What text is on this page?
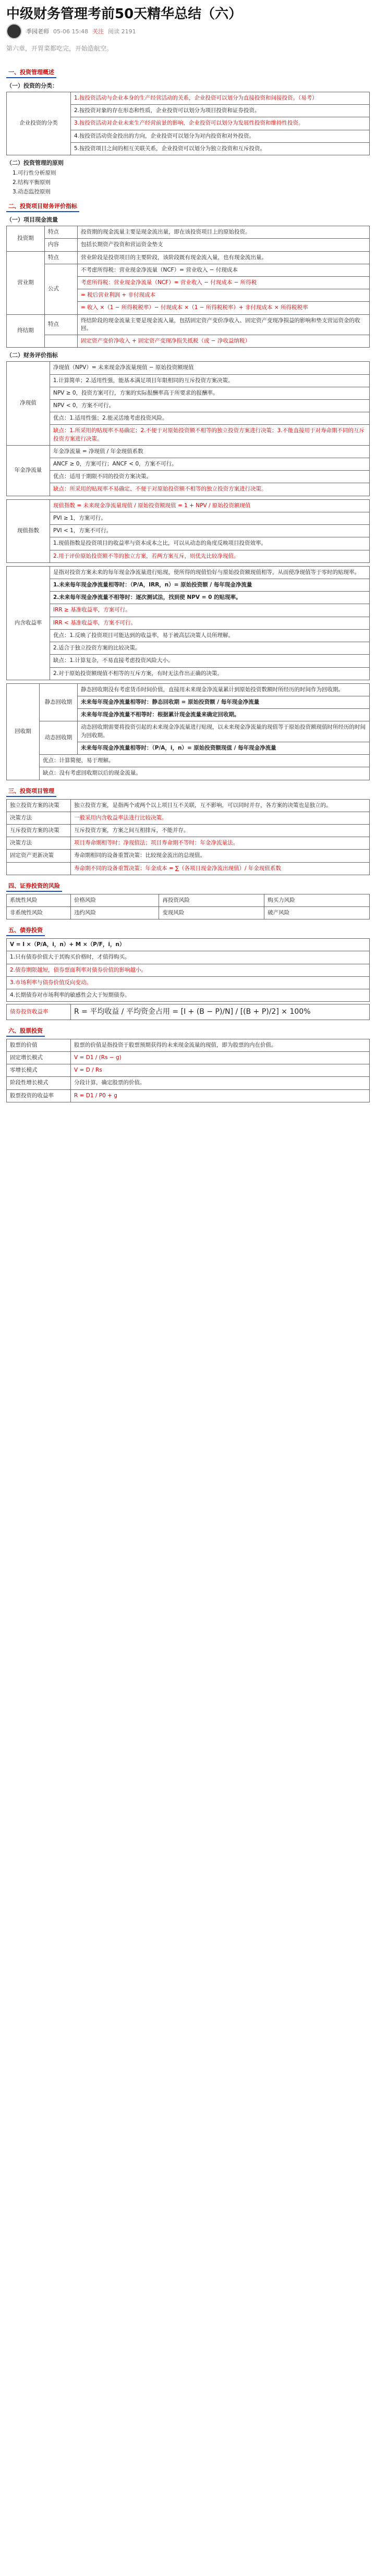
中级财务管理考前50天精华总结（六）
季园老师 05-06 15:48 关注 阅读 2191
第六章，开胃菜都吃完，开始造航空。
一、投资管理概述
（一）投资的分类：
企业投资的分类	1.按投资活动与企业本身的生产经营活动的关系，企业投资可以划分为直接投资和间接投资。（易考）
2.按投资对象的存在形态和性质，企业投资可以划分为项目投资和证券投资。
3.按投资活动对企业未来生产经营前景的影响，企业投资可以划分为发展性投资和维持性投资。
4.按投资活动资金投出的方向，企业投资可以划分为对内投资和对外投资。
5.按投资项目之间的相互关联关系，企业投资可以划分为独立投资和互斥投资。
（二）投资管理的原则
1.可行性分析原则
2.结构平衡原则
3.动态监控原则
二、投资项目财务评价指标
（一）项目现金流量
投资期	特点	投资期的现金流量主要是现金流出量，即在该投资项目上的原始投资。
	内容	包括长期资产投资和营运资金垫支
营业期	特点	营业阶段是投资项目的主要阶段，该阶段既有现金流入量，也有现金流出量。
	公式	不考虑所得税：营业现金净流量（NCF）= 营业收入 − 付现成本
		考虑所得税：营业现金净流量（NCF）= 营业收入 − 付现成本 − 所得税
		= 税后营业利润 + 非付现成本
		= 收入 ×（1 − 所得税税率）− 付现成本 ×（1 − 所得税税率）+ 非付现成本 × 所得税税率
终结期	特点	终结阶段的现金流量主要是现金流入量，包括固定资产变价净收入、固定资产变现净损益的影响和垫支营运资金的收回。
		固定资产变价净收入 + 固定资产变现净损失抵税（或 − 净收益纳税）
（二）财务评价指标
净现值	净现值（NPV）= 未来现金净流量现值 − 原始投资额现值
	1.计算简单；2.适用性强，能基本满足项目年限相同的互斥投资方案决策。
	NPV ≥ 0，投资方案可行，方案的实际报酬率高于所要求的报酬率。
	NPV < 0，方案不可行。
	优点：1.适用性强；2.能灵活地考虑投资风险。
	缺点：1.所采用的贴现率不易确定；2.不便于对原始投资额不相等的独立投资方案进行决策；3.不能直接用于对寿命期不同的互斥投资方案进行决策。
年金净流量	年金净流量 = 净现值 / 年金现值系数
	ANCF ≥ 0，方案可行；ANCF < 0，方案不可行。
	优点：适用于期限不同的投资方案决策。
	缺点：所采用的贴现率不易确定、不便于对原始投资额不相等的独立投资方案进行决策。
现值指数	现值指数 = 未来现金净流量现值 / 原始投资额现值 = 1 + NPV / 原始投资额现值
PVI ≥ 1，方案可行。
PVI < 1，方案不可行。
1.现值指数是投资项目的收益率与资本成本之比，可以从动态的角度反映项目投资效率。
2.用于评价原始投资额不等的独立方案，若两方案互斥，则优先比较净现值。
内含收益率	是指对投资方案未来的每年现金净流量进行贴现，使所得的现值恰好与原始投资额现值相等，从而使净现值等于零时的贴现率。
1.未来每年现金净流量相等时：（P/A，IRR，n）= 原始投资额 / 每年现金净流量
2.未来每年现金净流量不相等时：逐次测试法，找到使 NPV = 0 的贴现率。
IRR ≥ 基准收益率，方案可行。
IRR < 基准收益率，方案不可行。
优点：1.反映了投资项目可能达到的收益率，易于被高层决策人员所理解。
2.适合于独立投资方案的比较决策。
缺点：1.计算复杂，不易直接考虑投资风险大小。
2.对于原始投资额现值不相等的互斥方案，有时无法作出正确的决策。
回收期	静态回收期	静态回收期没有考虑货币时间价值，直接用未来现金净流量累计到原始投资数额时所经历的时间作为回收期。
		未来每年现金净流量相等时：静态回收期 = 原始投资额 / 每年现金净流量
		未来每年现金净流量不相等时：根据累计现金流量来确定回收期。
	动态回收期	动态回收期需要将投资引起的未来现金净流量进行贴现，以未来现金净流量的现值等于原始投资额现值时所经历的时间为回收期。
		未来每年现金净流量相等时：（P/A，i，n）= 原始投资额现值 / 每年现金净流量
	优点：计算简便，易于理解。	
	缺点：没有考虑回收期以后的现金流量。	
三、投资项目管理
独立投资方案的决策	独立投资方案，是指两个或两个以上项目互不关联，互不影响，可以同时并存，各方案的决策也是独立的。
决策方法	一般采用内含收益率法进行比较决策。
互斥投资方案的决策	互斥投资方案，方案之间互相排斥，不能并存。
决策方法	项目寿命期相等时：净现值法；项目寿命期不等时：年金净流量法。
固定资产更新决策	寿命期相同的设备重置决策：比较现金流出的总现值。
	寿命期不同的设备重置决策：年金成本 = ∑（各项目现金净流出现值）/ 年金现值系数
四、证券投资的风险
系统性风险	价格风险	再投资风险	购买力风险
非系统性风险	违约风险	变现风险	破产风险
五、债券投资
V = I ×（P/A，i，n）+ M ×（P/F，i，n）
1.只有债券价值大于其购买价格时，才值得购买。
2.债券期限越短，债券票面利率对债券价值的影响越小。
3.市场利率与债券价值反向变动。
4.长期债券对市场利率的敏感性会大于短期债券。
债券投资收益率	R = 平均收益 / 平均资金占用 = [I + (B − P)/N] / [(B + P)/2] × 100%
六、股票投资
股票的价值	股票的价值是指投资于股票预期获得的未来现金流量的现值，即为股票的内在价值。
固定增长模式	V = D1 / (Rs − g)
零增长模式	V = D / Rs
阶段性增长模式	分段计算，确定股票的价值。
股票投资的收益率	R = D1 / P0 + g
